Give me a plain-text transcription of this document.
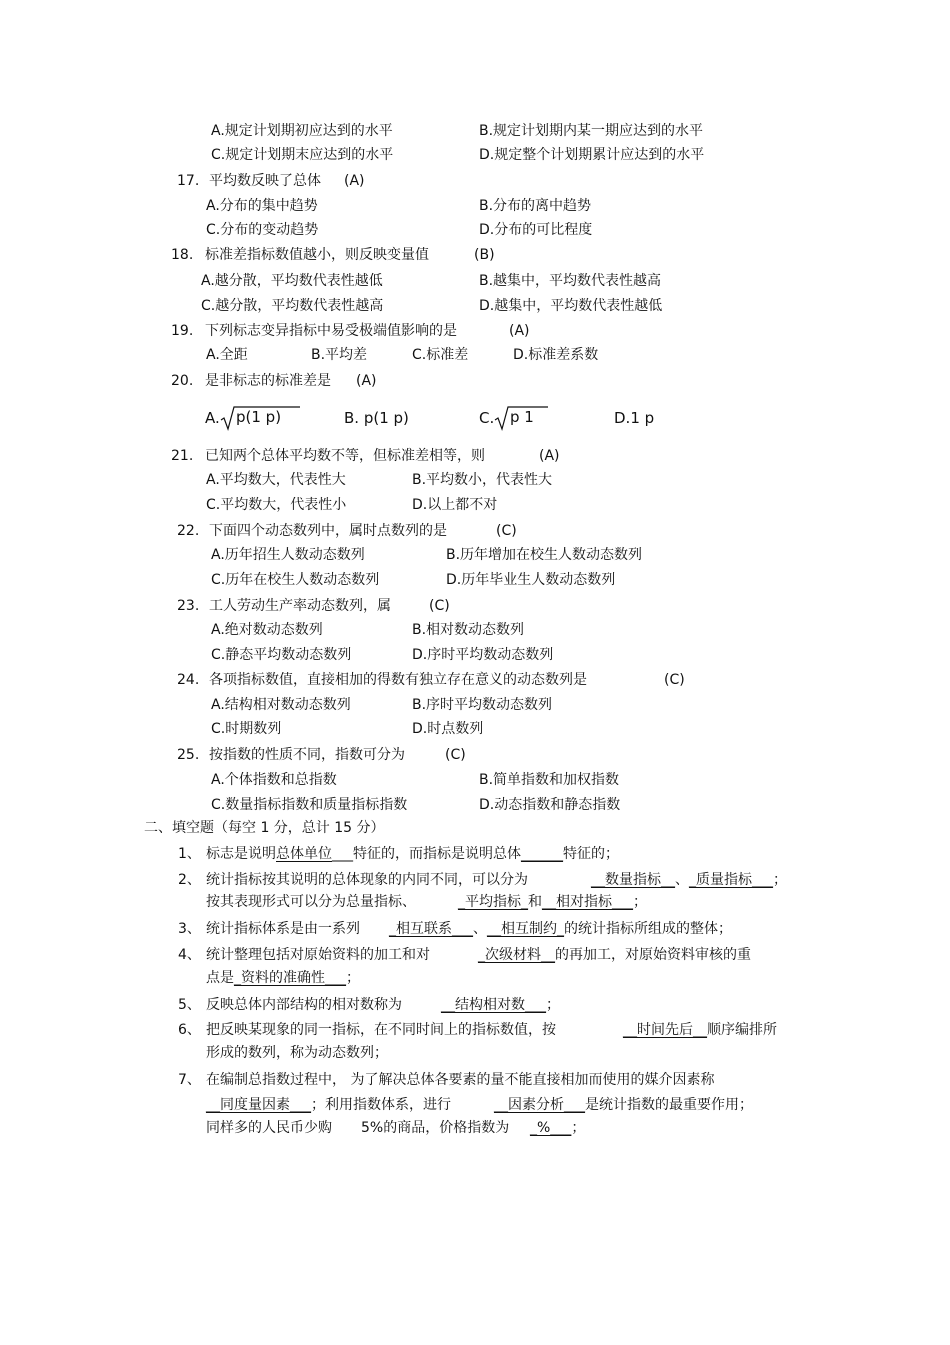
A.规定计划期初应达到的水平	B.规定计划期内某一期应达到的水平
C.规定计划期末应达到的水平	D.规定整个计划期累计应达到的水平
17. 平均数反映了总体 (A)
A.分布的集中趋势	B.分布的离中趋势
C.分布的变动趋势	D.分布的可比程度
18. 标准差指标数值越小，则反映变量值	(B)
A.越分散，平均数代表性越低	B.越集中，平均数代表性越高
C.越分散，平均数代表性越高	D.越集中，平均数代表性越低
19. 下列标志变异指标中易受极端值影响的是	(A)
A.全距	B.平均差	C.标准差	D.标准差系数
20. 是非标志的标准差是 (A)
A. p(1 p)	B. p(1 p)	C. p 1	D.1 p
21. 已知两个总体平均数不等，但标准差相等，则	(A)
A.平均数大，代表性大	B.平均数小，代表性大
C.平均数大，代表性小	D.以上都不对
22. 下面四个动态数列中，属时点数列的是	(C)
A.历年招生人数动态数列	B.历年增加在校生人数动态数列
C.历年在校生人数动态数列	D.历年毕业生人数动态数列
23. 工人劳动生产率动态数列，属	(C)
A.绝对数动态数列	B.相对数动态数列
C.静态平均数动态数列	D.序时平均数动态数列
24. 各项指标数值，直接相加的得数有独立存在意义的动态数列是	(C)
A.结构相对数动态数列	B.序时平均数动态数列
C.时期数列	D.时点数列
25. 按指数的性质不同，指数可分为	(C)
A.个体指数和总指数	B.简单指数和加权指数
C.数量指标指数和质量指标指数	D.动态指数和静态指数
二、填空题（每空 1 分，总计 15 分）
1、 标志是说明总体单位___特征的，而指标是说明总体______特征的；
2、 统计指标按其说明的总体现象的内同不同，可以分为	__数量指标__、_质量指标___；
按其表现形式可以分为总量指标、	_平均指标_和__相对指标___；
3、 统计指标体系是由一系列 _相互联系___、__相互制约_的统计指标所组成的整体；
4、 统计整理包括对原始资料的加工和对	_次级材料__的再加工，对原始资料审核的重
点是_资料的准确性___；
5、 反映总体内部结构的相对数称为	__结构相对数___；
6、 把反映某现象的同一指标，在不同时间上的指标数值，按	__时间先后__顺序编排所
形成的数列，称为动态数列；
7、 在编制总指数过程中， 为了解决总体各要素的量不能直接相加而使用的媒介因素称
__同度量因素___；利用指数体系，进行	__因素分析___是统计指数的最重要作用；
同样多的人民币少购 5%的商品，价格指数为 _%___；
